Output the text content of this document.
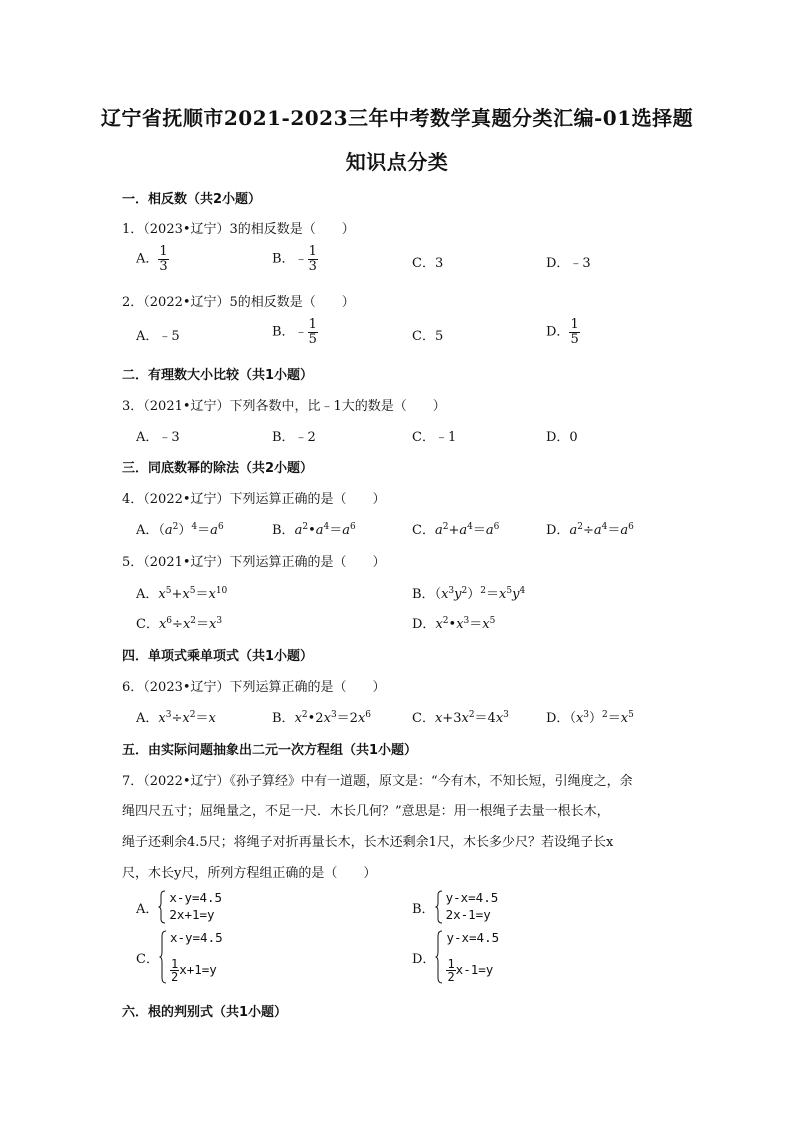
辽宁省抚顺市2021-2023三年中考数学真题分类汇编-01选择题
知识点分类
一．相反数（共2小题）
1．（2023•辽宁）3的相反数是（　　）
A． $\frac{1}{3}$	B．﹣ $\frac{1}{3}$	C．3	D．﹣3
2．（2022•辽宁）5的相反数是（　　）
A．﹣5	B．﹣ $\frac{1}{5}$	C．5	D． $\frac{1}{5}$
二．有理数大小比较（共1小题）
3．（2021•辽宁）下列各数中，比﹣1大的数是（　　）
A．﹣3	B．﹣2	C．﹣1	D．0
三．同底数幂的除法（共2小题）
4．（2022•辽宁）下列运算正确的是（　　）
A．$(a^2)^4=a^6$	B．$a^2•a^4=a^6$	C．$a^2+a^4=a^6$	D．$a^2\div a^4=a^6$
5．（2021•辽宁）下列运算正确的是（　　）
A．$x^5+x^5=x^{10}$	B．$(x^3y^2)^2=x^5y^4$
C．$x^6\div x^2=x^3$	D．$x^2•x^3=x^5$
四．单项式乘单项式（共1小题）
6．（2023•辽宁）下列运算正确的是（　　）
A．$x^3\div x^2=x$	B．$x^2•2x^3=2x^6$	C．$x+3x^2=4x^3$	D．$(x^3)^2=x^5$
五．由实际问题抽象出二元一次方程组（共1小题）
7．（2022•辽宁）《孙子算经》中有一道题，原文是：“今有木，不知长短，引绳度之，余
绳四尺五寸；屈绳量之，不足一尺．木长几何？”意思是：用一根绳子去量一根长木，
绳子还剩余4.5尺；将绳子对折再量长木，长木还剩余1尺，木长多少尺？若设绳子长x
尺，木长y尺，所列方程组正确的是（　　）
A．
x-y=4.5
2x+1=y	B．
y-x=4.5
2x-1=y
C．
x-y=4.5
$\frac{1}{2} x+1=y$
D．
y-x=4.5
$\frac{1}{2} x-1=y$
六．根的判别式（共1小题）
